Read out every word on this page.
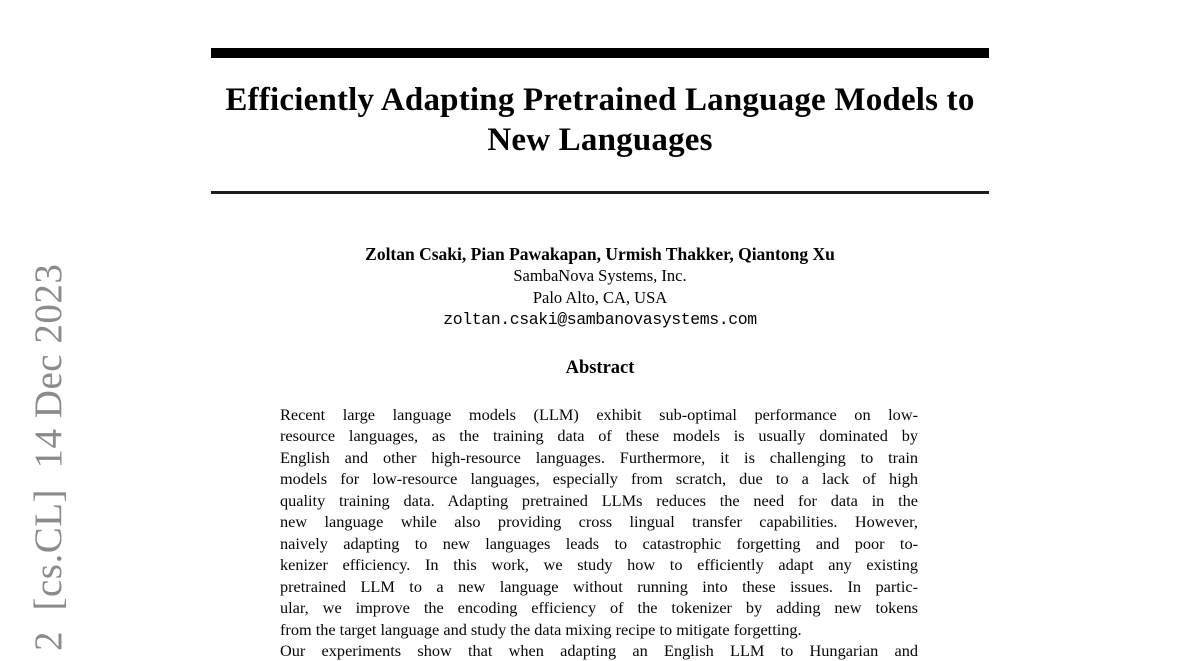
2  [cs.CL]  14 Dec 2023
Efficiently Adapting Pretrained Language Models to
New Languages
Zoltan Csaki, Pian Pawakapan, Urmish Thakker, Qiantong Xu
SambaNova Systems, Inc.
Palo Alto, CA, USA
zoltan.csaki@sambanovasystems.com
Abstract
Recent large language models (LLM) exhibit sub-optimal performance on low-
resource languages, as the training data of these models is usually dominated by
English and other high-resource languages. Furthermore, it is challenging to train
models for low-resource languages, especially from scratch, due to a lack of high
quality training data. Adapting pretrained LLMs reduces the need for data in the
new language while also providing cross lingual transfer capabilities. However,
naively adapting to new languages leads to catastrophic forgetting and poor to-
kenizer efficiency. In this work, we study how to efficiently adapt any existing
pretrained LLM to a new language without running into these issues. In partic-
ular, we improve the encoding efficiency of the tokenizer by adding new tokens
from the target language and study the data mixing recipe to mitigate forgetting.
Our experiments show that when adapting an English LLM to Hungarian and
